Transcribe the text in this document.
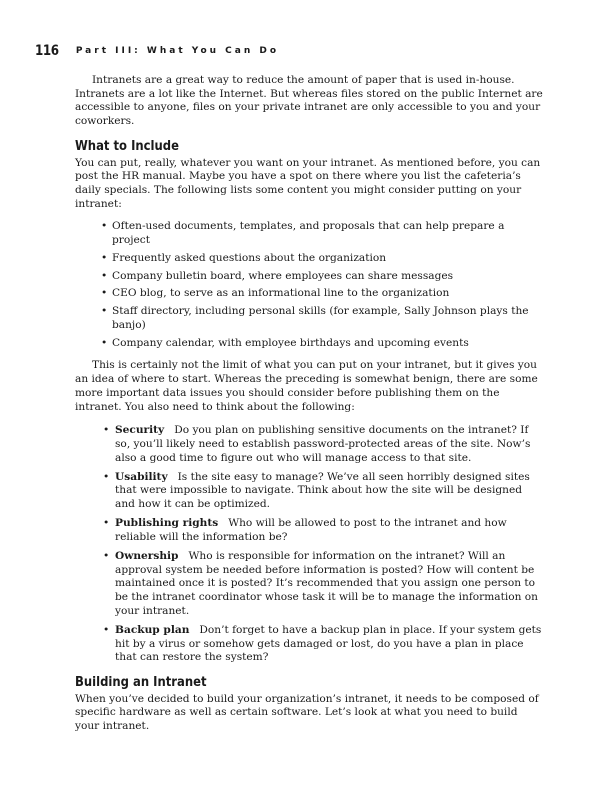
116 Part III: What You Can Do

Intranets are a great way to reduce the amount of paper that is used in-house. Intranets are a lot like the Internet. But whereas files stored on the public Internet are accessible to anyone, files on your private intranet are only accessible to you and your coworkers.

What to Include

You can put, really, whatever you want on your intranet. As mentioned before, you can post the HR manual. Maybe you have a spot on there where you list the cafeteria’s daily specials. The following lists some content you might consider putting on your intranet:

• Often-used documents, templates, and proposals that can help prepare a project
• Frequently asked questions about the organization
• Company bulletin board, where employees can share messages
• CEO blog, to serve as an informational line to the organization
• Staff directory, including personal skills (for example, Sally Johnson plays the banjo)
• Company calendar, with employee birthdays and upcoming events

This is certainly not the limit of what you can put on your intranet, but it gives you an idea of where to start. Whereas the preceding is somewhat benign, there are some more important data issues you should consider before publishing them on the intranet. You also need to think about the following:

• Security Do you plan on publishing sensitive documents on the intranet? If so, you’ll likely need to establish password-protected areas of the site. Now’s also a good time to figure out who will manage access to that site.
• Usability Is the site easy to manage? We’ve all seen horribly designed sites that were impossible to navigate. Think about how the site will be designed and how it can be optimized.
• Publishing rights Who will be allowed to post to the intranet and how reliable will the information be?
• Ownership Who is responsible for information on the intranet? Will an approval system be needed before information is posted? How will content be maintained once it is posted? It’s recommended that you assign one person to be the intranet coordinator whose task it will be to manage the information on your intranet.
• Backup plan Don’t forget to have a backup plan in place. If your system gets hit by a virus or somehow gets damaged or lost, do you have a plan in place that can restore the system?
Building an Intranet

When you’ve decided to build your organization’s intranet, it needs to be composed of specific hardware as well as certain software. Let’s look at what you need to build your intranet.
